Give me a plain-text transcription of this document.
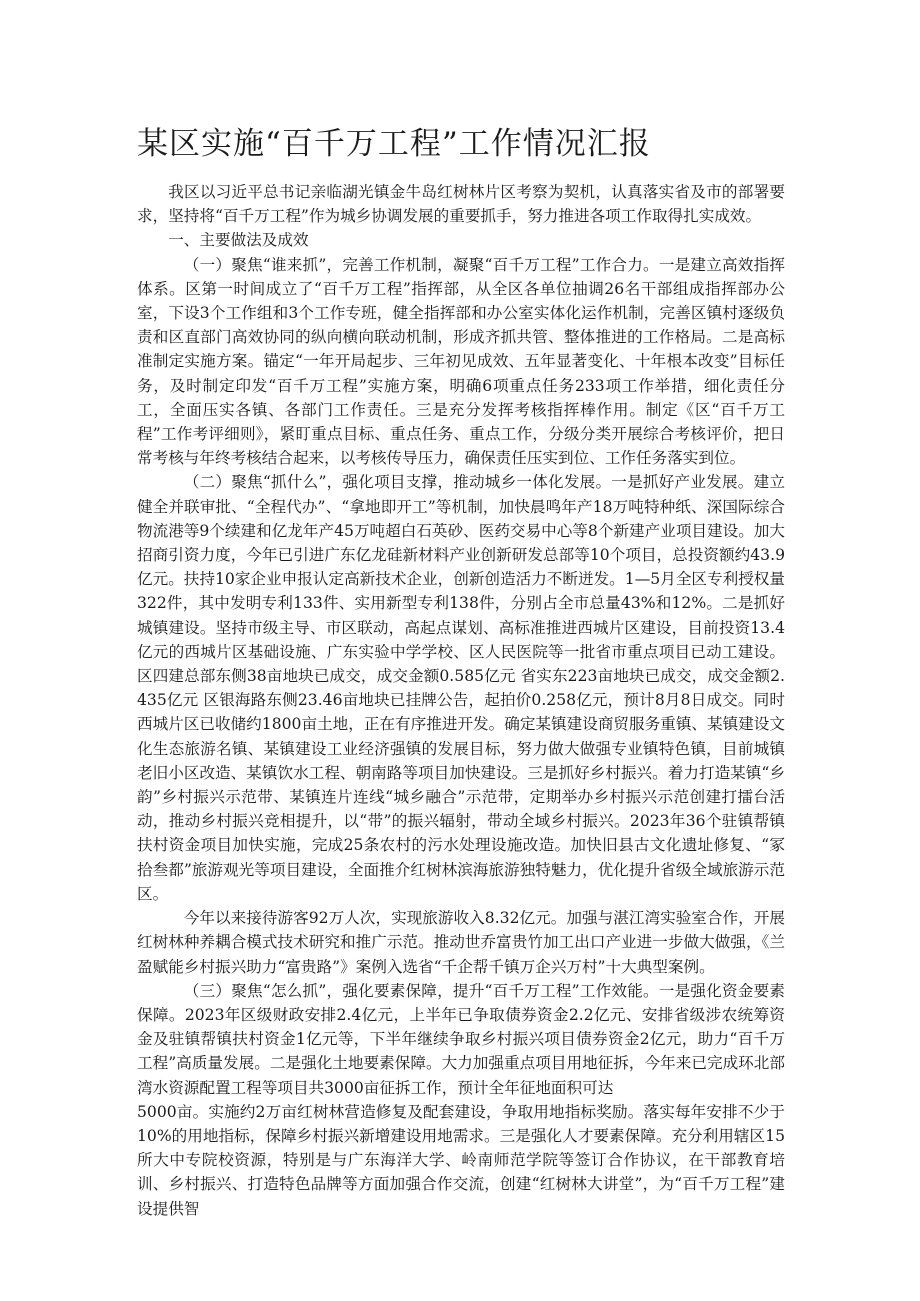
某区实施“百千万工程”工作情况汇报

我区以习近平总书记亲临湖光镇金牛岛红树林片区考察为契机，认真落实省及市的部署要求，坚持将“百千万工程”作为城乡协调发展的重要抓手，努力推进各项工作取得扎实成效。

一、主要做法及成效

（一）聚焦“谁来抓”，完善工作机制，凝聚“百千万工程”工作合力。一是建立高效指挥体系。区第一时间成立了“百千万工程”指挥部，从全区各单位抽调26名干部组成指挥部办公室，下设3个工作组和3个工作专班，健全指挥部和办公室实体化运作机制，完善区镇村逐级负责和区直部门高效协同的纵向横向联动机制，形成齐抓共管、整体推进的工作格局。二是高标准制定实施方案。锚定“一年开局起步、三年初见成效、五年显著变化、十年根本改变”目标任务，及时制定印发“百千万工程”实施方案，明确6项重点任务233项工作举措，细化责任分工，全面压实各镇、各部门工作责任。三是充分发挥考核指挥棒作用。制定《区“百千万工程”工作考评细则》，紧盯重点目标、重点任务、重点工作，分级分类开展综合考核评价，把日常考核与年终考核结合起来，以考核传导压力，确保责任压实到位、工作任务落实到位。

（二）聚焦“抓什么”，强化项目支撑，推动城乡一体化发展。一是抓好产业发展。建立健全并联审批、“全程代办”、“拿地即开工”等机制，加快晨鸣年产18万吨特种纸、深国际综合物流港等9个续建和亿龙年产45万吨超白石英砂、医药交易中心等8个新建产业项目建设。加大招商引资力度，今年已引进广东亿龙硅新材料产业创新研发总部等10个项目，总投资额约43.9亿元。扶持10家企业申报认定高新技术企业，创新创造活力不断迸发。1—5月全区专利授权量322件，其中发明专利133件、实用新型专利138件，分别占全市总量43%和12%。二是抓好城镇建设。坚持市级主导、市区联动，高起点谋划、高标准推进西城片区建设，目前投资13.4亿元的西城片区基础设施、广东实验中学学校、区人民医院等一批省市重点项目已动工建设。区四建总部东侧38亩地块已成交，成交金额0.585亿元 省实东223亩地块已成交，成交金额2.435亿元 区银海路东侧23.46亩地块已挂牌公告，起拍价0.258亿元，预计8月8日成交。同时西城片区已收储约1800亩土地，正在有序推进开发。确定某镇建设商贸服务重镇、某镇建设文化生态旅游名镇、某镇建设工业经济强镇的发展目标，努力做大做强专业镇特色镇，目前城镇老旧小区改造、某镇饮水工程、朝南路等项目加快建设。三是抓好乡村振兴。着力打造某镇“乡韵”乡村振兴示范带、某镇连片连线“城乡融合”示范带，定期举办乡村振兴示范创建打擂台活动，推动乡村振兴竞相提升，以“带”的振兴辐射，带动全域乡村振兴。2023年36个驻镇帮镇扶村资金项目加快实施，完成25条农村的污水处理设施改造。加快旧县古文化遗址修复、“冢拾叁都”旅游观光等项目建设，全面推介红树林滨海旅游独特魅力，优化提升省级全域旅游示范区。

今年以来接待游客92万人次，实现旅游收入8.32亿元。加强与湛江湾实验室合作，开展红树林种养耦合模式技术研究和推广示范。推动世乔富贵竹加工出口产业进一步做大做强，《兰盈赋能乡村振兴助力“富贵路”》案例入选省“千企帮千镇万企兴万村”十大典型案例。

（三）聚焦“怎么抓”，强化要素保障，提升“百千万工程”工作效能。一是强化资金要素保障。2023年区级财政安排2.4亿元，上半年已争取债券资金2.2亿元、安排省级涉农统筹资金及驻镇帮镇扶村资金1亿元等，下半年继续争取乡村振兴项目债券资金2亿元，助力“百千万工程”高质量发展。二是强化土地要素保障。大力加强重点项目用地征拆，今年来已完成环北部湾水资源配置工程等项目共3000亩征拆工作，预计全年征地面积可达

5000亩。实施约2万亩红树林营造修复及配套建设，争取用地指标奖励。落实每年安排不少于10%的用地指标，保障乡村振兴新增建设用地需求。三是强化人才要素保障。充分利用辖区15所大中专院校资源，特别是与广东海洋大学、岭南师范学院等签订合作协议，在干部教育培训、乡村振兴、打造特色品牌等方面加强合作交流，创建“红树林大讲堂”，为“百千万工程”建设提供智
